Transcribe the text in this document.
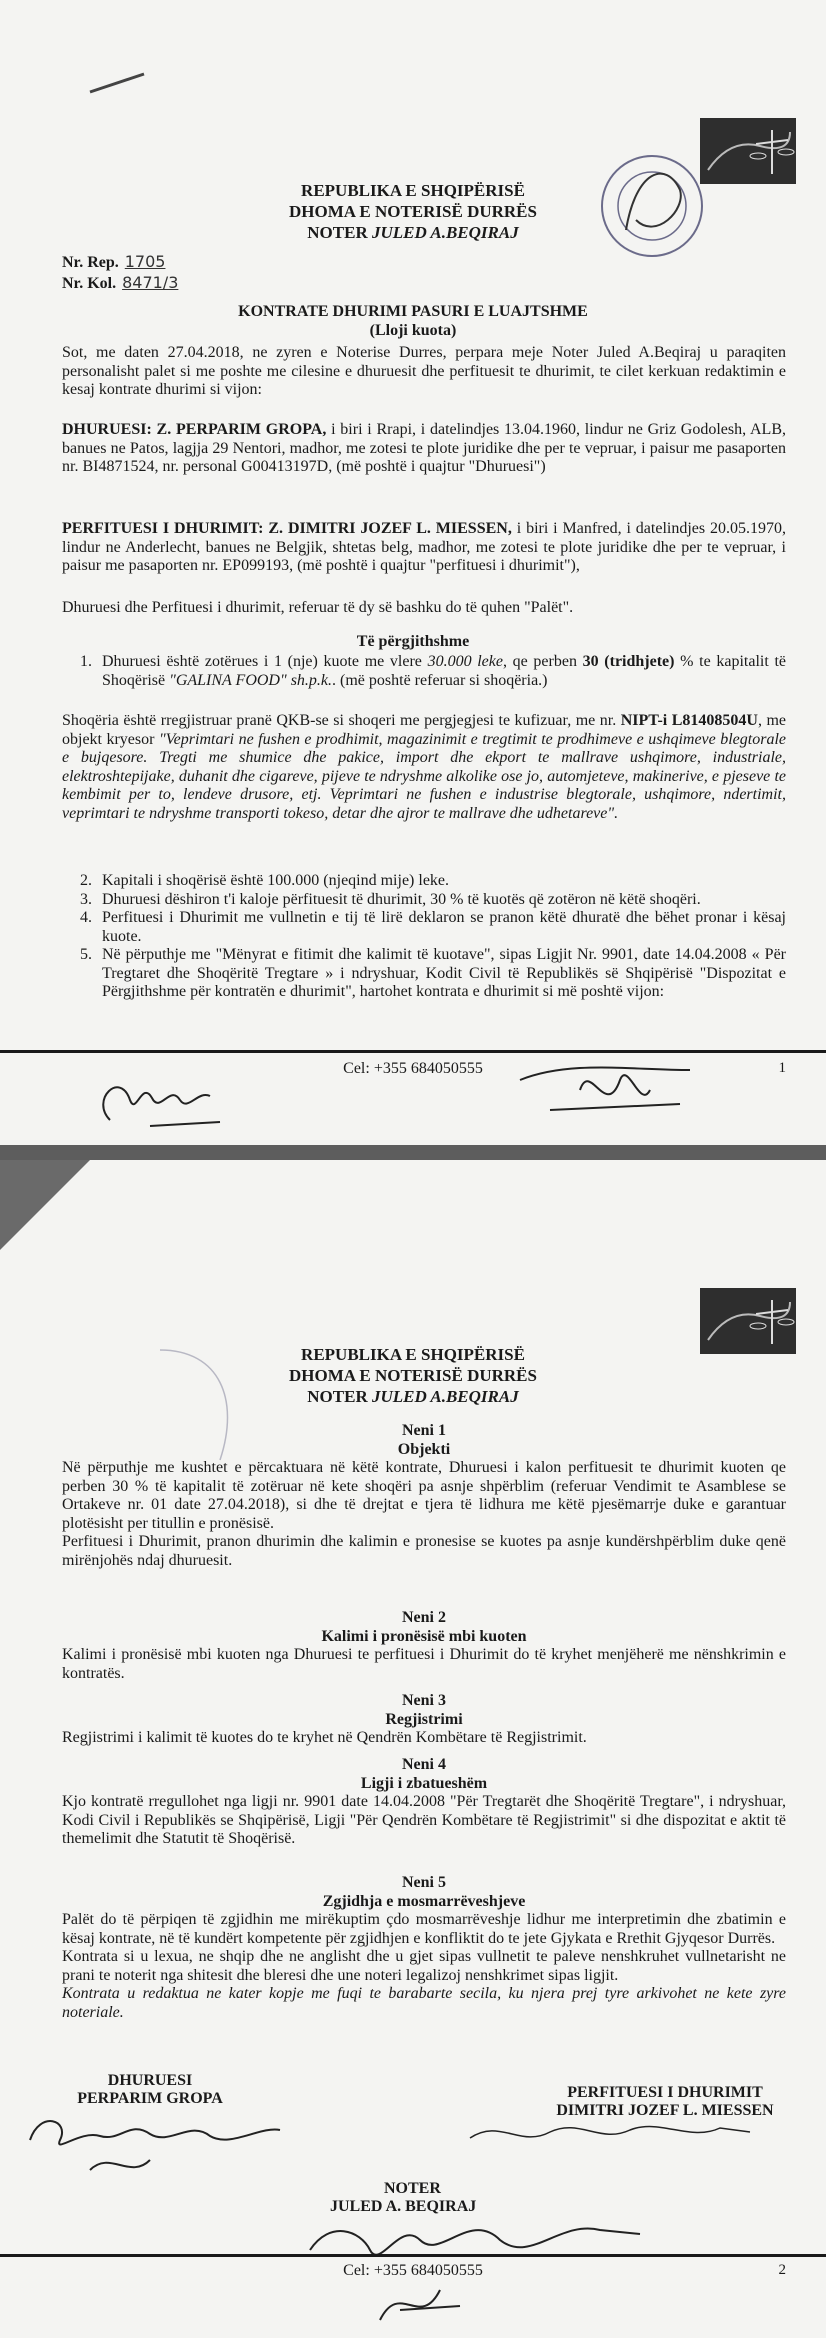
REPUBLIKA E SHQIPËRISË
DHOMA E NOTERISË DURRËS
NOTER JULED A.BEQIRAJ
Nr. Rep. 1705
Nr. Kol. 8471/3
KONTRATE DHURIMI PASURI E LUAJTSHME
(Lloji kuota)
Sot, me daten 27.04.2018, ne zyren e Noterise Durres, perpara meje Noter Juled A.Beqiraj u paraqiten personalisht palet si me poshte me cilesine e dhuruesit dhe perfituesit te dhurimit, te cilet kerkuan redaktimin e kesaj kontrate dhurimi si vijon:
DHURUESI: Z. PERPARIM GROPA, i biri i Rrapi, i datelindjes 13.04.1960, lindur ne Griz Godolesh, ALB, banues ne Patos, lagjja 29 Nentori, madhor, me zotesi te plote juridike dhe per te vepruar, i paisur me pasaporten nr. BI4871524, nr. personal G00413197D, (më poshtë i quajtur "Dhuruesi")
PERFITUESI I DHURIMIT: Z. DIMITRI JOZEF L. MIESSEN, i biri i Manfred, i datelindjes 20.05.1970, lindur ne Anderlecht, banues ne Belgjik, shtetas belg, madhor, me zotesi te plote juridike dhe per te vepruar, i paisur me pasaporten nr. EP099193, (më poshtë i quajtur "perfituesi i dhurimit"),
Dhuruesi dhe Perfituesi i dhurimit, referuar të dy së bashku do të quhen "Palët".
Të përgjithshme
1. Dhuruesi është zotërues i 1 (nje) kuote me vlere 30.000 leke, qe perben 30 (tridhjete) % te kapitalit të Shoqërisë "GALINA FOOD" sh.p.k.. (më poshtë referuar si shoqëria.)
Shoqëria është rregjistruar pranë QKB-se si shoqeri me pergjegjesi te kufizuar, me nr. NIPT-i L81408504U, me objekt kryesor "Veprimtari ne fushen e prodhimit, magazinimit e tregtimit te prodhimeve e ushqimeve blegtorale e bujqesore. Tregti me shumice dhe pakice, import dhe ekport te mallrave ushqimore, industriale, elektroshtepijake, duhanit dhe cigareve, pijeve te ndryshme alkolike ose jo, automjeteve, makinerive, e pjeseve te kembimit per to, lendeve drusore, etj. Veprimtari ne fushen e industrise blegtorale, ushqimore, ndertimit, veprimtari te ndryshme transporti tokeso, detar dhe ajror te mallrave dhe udhetareve".
2. Kapitali i shoqërisë është 100.000 (njeqind mije) leke.
3. Dhuruesi dëshiron t'i kaloje përfituesit të dhurimit, 30 % të kuotës që zotëron në këtë shoqëri.
4. Perfituesi i Dhurimit me vullnetin e tij të lirë deklaron se pranon këtë dhuratë dhe bëhet pronar i kësaj kuote.
5. Në përputhje me "Mënyrat e fitimit dhe kalimit të kuotave", sipas Ligjit Nr. 9901, date 14.04.2008 « Për Tregtaret dhe Shoqëritë Tregtare » i ndryshuar, Kodit Civil të Republikës së Shqipërisë "Dispozitat e Përgjithshme për kontratën e dhurimit", hartohet kontrata e dhurimit si më poshtë vijon:
Cel: +355 684050555	1
REPUBLIKA E SHQIPËRISË
DHOMA E NOTERISË DURRËS
NOTER JULED A.BEQIRAJ
Neni 1
Objekti
Në përputhje me kushtet e përcaktuara në këtë kontrate, Dhuruesi i kalon perfituesit te dhurimit kuoten qe perben 30 % të kapitalit të zotëruar në kete shoqëri pa asnje shpërblim (referuar Vendimit te Asamblese se Ortakeve nr. 01 date 27.04.2018), si dhe të drejtat e tjera të lidhura me këtë pjesëmarrje duke e garantuar plotësisht per titullin e pronësisë.
Perfituesi i Dhurimit, pranon dhurimin dhe kalimin e pronesise se kuotes pa asnje kundërshpërblim duke qenë mirënjohës ndaj dhuruesit.
Neni 2
Kalimi i pronësisë mbi kuoten
Kalimi i pronësisë mbi kuoten nga Dhuruesi te perfituesi i Dhurimit do të kryhet menjëherë me nënshkrimin e kontratës.
Neni 3
Regjistrimi
Regjistrimi i kalimit të kuotes do te kryhet në Qendrën Kombëtare të Regjistrimit.
Neni 4
Ligji i zbatueshëm
Kjo kontratë rregullohet nga ligji nr. 9901 date 14.04.2008 "Për Tregtarët dhe Shoqëritë Tregtare", i ndryshuar, Kodi Civil i Republikës se Shqipërisë, Ligji "Për Qendrën Kombëtare të Regjistrimit" si dhe dispozitat e aktit të themelimit dhe Statutit të Shoqërisë.
Neni 5
Zgjidhja e mosmarrëveshjeve
Palët do të përpiqen të zgjidhin me mirëkuptim çdo mosmarrëveshje lidhur me interpretimin dhe zbatimin e kësaj kontrate, në të kundërt kompetente për zgjidhjen e konfliktit do te jete Gjykata e Rrethit Gjyqesor Durrës.
Kontrata si u lexua, ne shqip dhe ne anglisht dhe u gjet sipas vullnetit te paleve nenshkruhet vullnetarisht ne prani te noterit nga shitesit dhe bleresi dhe une noteri legalizoj nenshkrimet sipas ligjit.
Kontrata u redaktua ne kater kopje me fuqi te barabarte secila, ku njera prej tyre arkivohet ne kete zyre noteriale.
DHURUESI
PERPARIM GROPA	PERFITUESI I DHURIMIT
DIMITRI JOZEF L. MIESSEN
NOTER
JULED A. BEQIRAJ
Cel: +355 684050555	2
